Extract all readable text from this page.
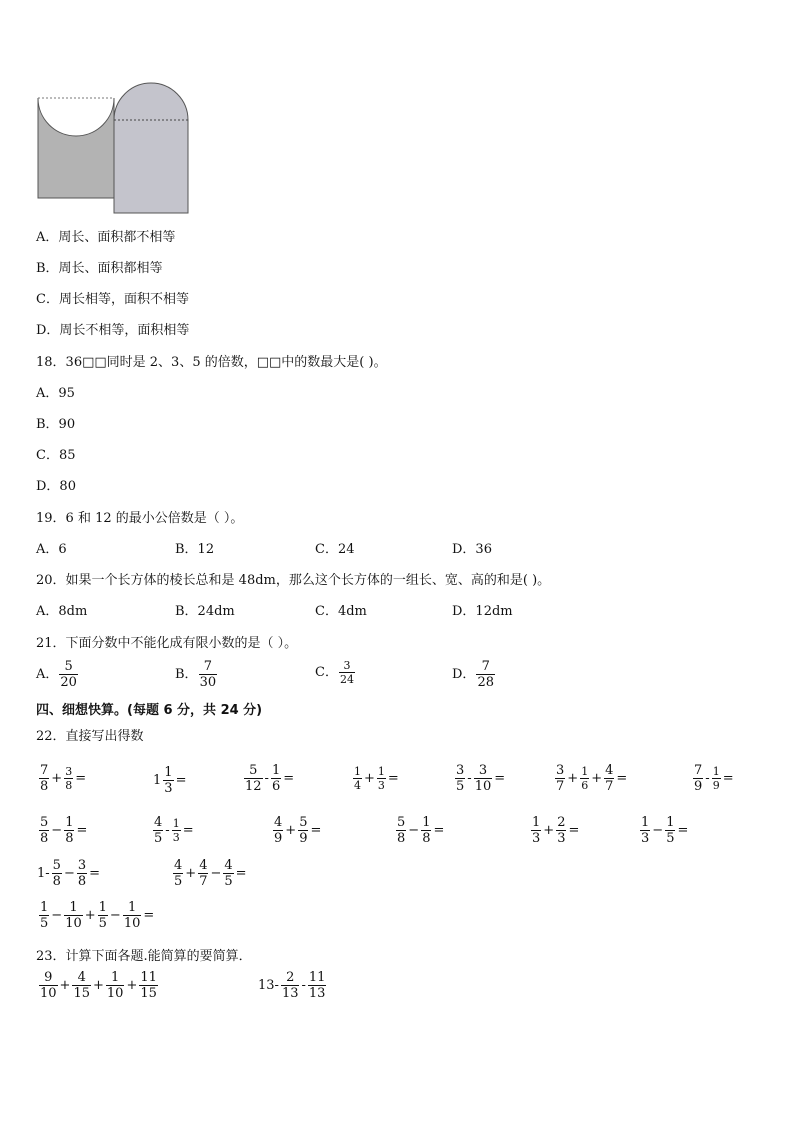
A．周长、面积都不相等
B．周长、面积都相等
C．周长相等，面积不相等
D．周长不相等，面积相等
18．36□□同时是 2、3、5 的倍数，□□中的数最大是( )。
A．95
B．90
C．85
D．80
19．6 和 12 的最小公倍数是（ ）。
A．6	B．12	C．24	D．36
20．如果一个长方体的棱长总和是 48dm，那么这个长方体的一组长、宽、高的和是( )。
A．8dm	B．24dm	C．4dm	D．12dm
21．下面分数中不能化成有限小数的是（ ）。
A． $\frac{5}{20}$	B． $\frac{7}{30}$	C． $\frac{3}{24}$	D． $\frac{7}{28}$
四、细想快算。(每题 6 分，共 24 分)
22．直接写出得数
$\frac{7}{8} + \frac{3}{8}$ =	$1 \frac{1}{3}$ =	$\frac{5}{12} - \frac{1}{6}$ =	$\frac{1}{4} + \frac{1}{3}$ =	$\frac{3}{5} - \frac{3}{10}$ =	$\frac{3}{7} + \frac{1}{6} + \frac{4}{7}$ =	$\frac{7}{9} - \frac{1}{9}$ =
$\frac{5}{8} - \frac{1}{8}$ =	$\frac{4}{5} - \frac{1}{3}$ =	$\frac{4}{9} + \frac{5}{9}$ =	$\frac{5}{8} - \frac{1}{8}$ =	$\frac{1}{3} + \frac{2}{3}$ =	$\frac{1}{3} - \frac{1}{5}$ =
$1- \frac{5}{8} - \frac{3}{8}$ =	$\frac{4}{5} + \frac{4}{7} - \frac{4}{5}$ =
$\frac{1}{5} - \frac{1}{10} + \frac{1}{5} - \frac{1}{10}$ =
23．计算下面各题.能简算的要简算．
$\frac{9}{10} + \frac{4}{15} + \frac{1}{10} + \frac{11}{15}$	$13- \frac{2}{13} - \frac{11}{13}$
